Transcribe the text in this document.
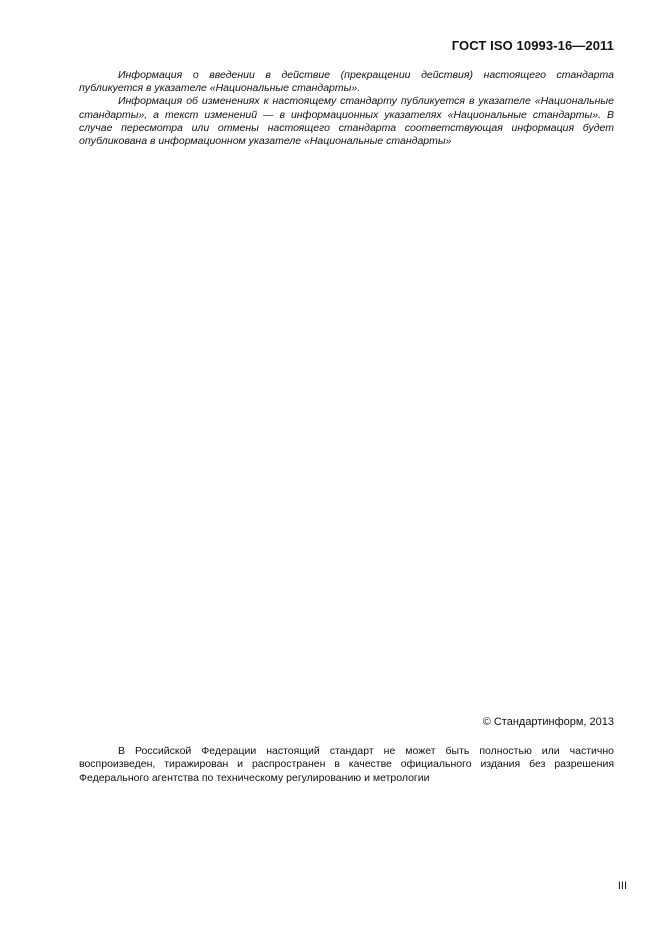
ГОСТ ISO 10993-16—2011

Информация о введении в действие (прекращении действия) настоящего стандарта публикуется в указателе «Национальные стандарты».

Информация об изменениях к настоящему стандарту публикуется в указателе «Национальные стандарты», а текст изменений — в информационных указателях «Национальные стандарты». В случае пересмотра или отмены настоящего стандарта соответствующая информация будет опубликована в информационном указателе «Национальные стандарты»

© Стандартинформ, 2013

В Российской Федерации настоящий стандарт не может быть полностью или частично воспроизведен, тиражирован и распространен в качестве официального издания без разрешения Федерального агентства по техническому регулированию и метрологии

III
